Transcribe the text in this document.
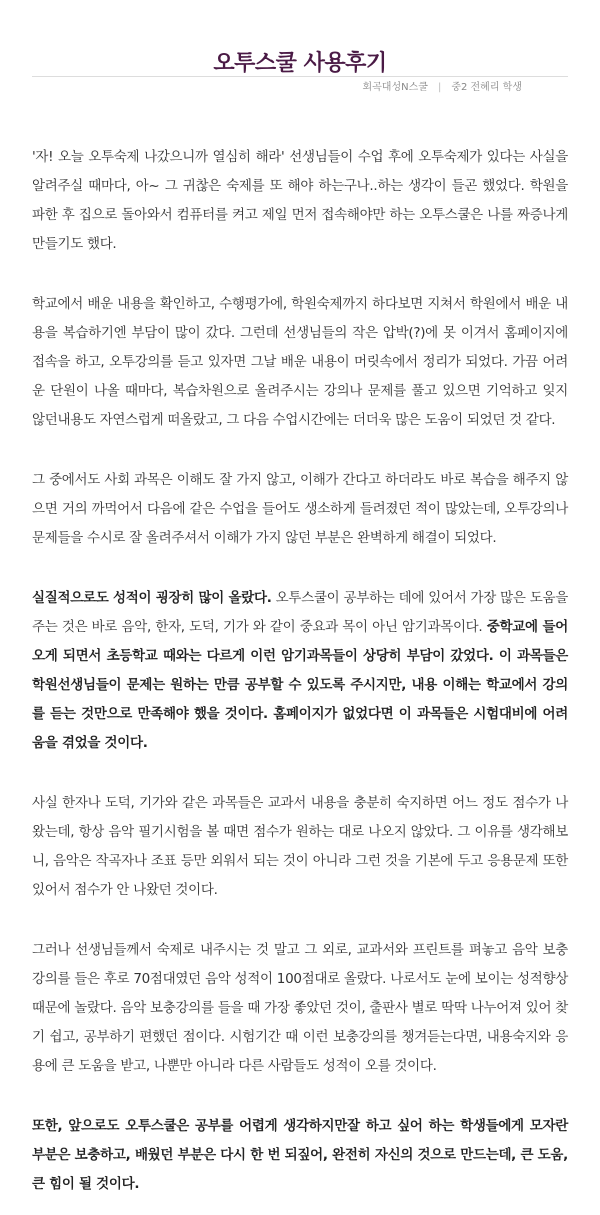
오투스쿨 사용후기
회곡대성N스쿨 | 중2 전혜리 학생

'자! 오늘 오투숙제 나갔으니까 열심히 해라' 선생님들이 수업 후에 오투숙제가 있다는 사실을 알려주실 때마다, 아~ 그 귀찮은 숙제를 또 해야 하는구나..하는 생각이 들곤 했었다. 학원을 파한 후 집으로 돌아와서 컴퓨터를 켜고 제일 먼저 접속해야만 하는 오투스쿨은 나를 짜증나게 만들기도 했다.

학교에서 배운 내용을 확인하고, 수행평가에, 학원숙제까지 하다보면 지쳐서 학원에서 배운 내용을 복습하기엔 부담이 많이 갔다. 그런데 선생님들의 작은 압박(?)에 못 이겨서 홈페이지에 접속을 하고, 오투강의를 듣고 있자면 그날 배운 내용이 머릿속에서 정리가 되었다. 가끔 어려운 단원이 나올 때마다, 복습차원으로 올려주시는 강의나 문제를 풀고 있으면 기억하고 잊지 않던내용도 자연스럽게 떠올랐고, 그 다음 수업시간에는 더더욱 많은 도움이 되었던 것 같다.

그 중에서도 사회 과목은 이해도 잘 가지 않고, 이해가 간다고 하더라도 바로 복습을 해주지 않으면 거의 까먹어서 다음에 같은 수업을 들어도 생소하게 들려졌던 적이 많았는데, 오투강의나 문제들을 수시로 잘 올려주셔서 이해가 가지 않던 부분은 완벽하게 해결이 되었다.

실질적으로도 성적이 굉장히 많이 올랐다. 오투스쿨이 공부하는 데에 있어서 가장 많은 도움을 주는 것은 바로 음악, 한자, 도덕, 기가 와 같이 중요과 목이 아닌 암기과목이다. 중학교에 들어오게 되면서 초등학교 때와는 다르게 이런 암기과목들이 상당히 부담이 갔었다. 이 과목들은 학원선생님들이 문제는 원하는 만큼 공부할 수 있도록 주시지만, 내용 이해는 학교에서 강의를 듣는 것만으로 만족해야 했을 것이다. 홈페이지가 없었다면 이 과목들은 시험대비에 어려움을 겪었을 것이다.

사실 한자나 도덕, 기가와 같은 과목들은 교과서 내용을 충분히 숙지하면 어느 정도 점수가 나왔는데, 항상 음악 필기시험을 볼 때면 점수가 원하는 대로 나오지 않았다. 그 이유를 생각해보니, 음악은 작곡자나 조표 등만 외워서 되는 것이 아니라 그런 것을 기본에 두고 응용문제 또한 있어서 점수가 안 나왔던 것이다.

그러나 선생님들께서 숙제로 내주시는 것 말고 그 외로, 교과서와 프린트를 펴놓고 음악 보충강의를 들은 후로 70점대였던 음악 성적이 100점대로 올랐다. 나로서도 눈에 보이는 성적향상 때문에 놀랐다. 음악 보충강의를 들을 때 가장 좋았던 것이, 출판사 별로 딱딱 나누어져 있어 찾기 쉽고, 공부하기 편했던 점이다. 시험기간 때 이런 보충강의를 챙겨듣는다면, 내용숙지와 응용에 큰 도움을 받고, 나뿐만 아니라 다른 사람들도 성적이 오를 것이다.

또한, 앞으로도 오투스쿨은 공부를 어렵게 생각하지만잘 하고 싶어 하는 학생들에게 모자란 부분은 보충하고, 배웠던 부분은 다시 한 번 되짚어, 완전히 자신의 것으로 만드는데, 큰 도움, 큰 힘이 될 것이다.
